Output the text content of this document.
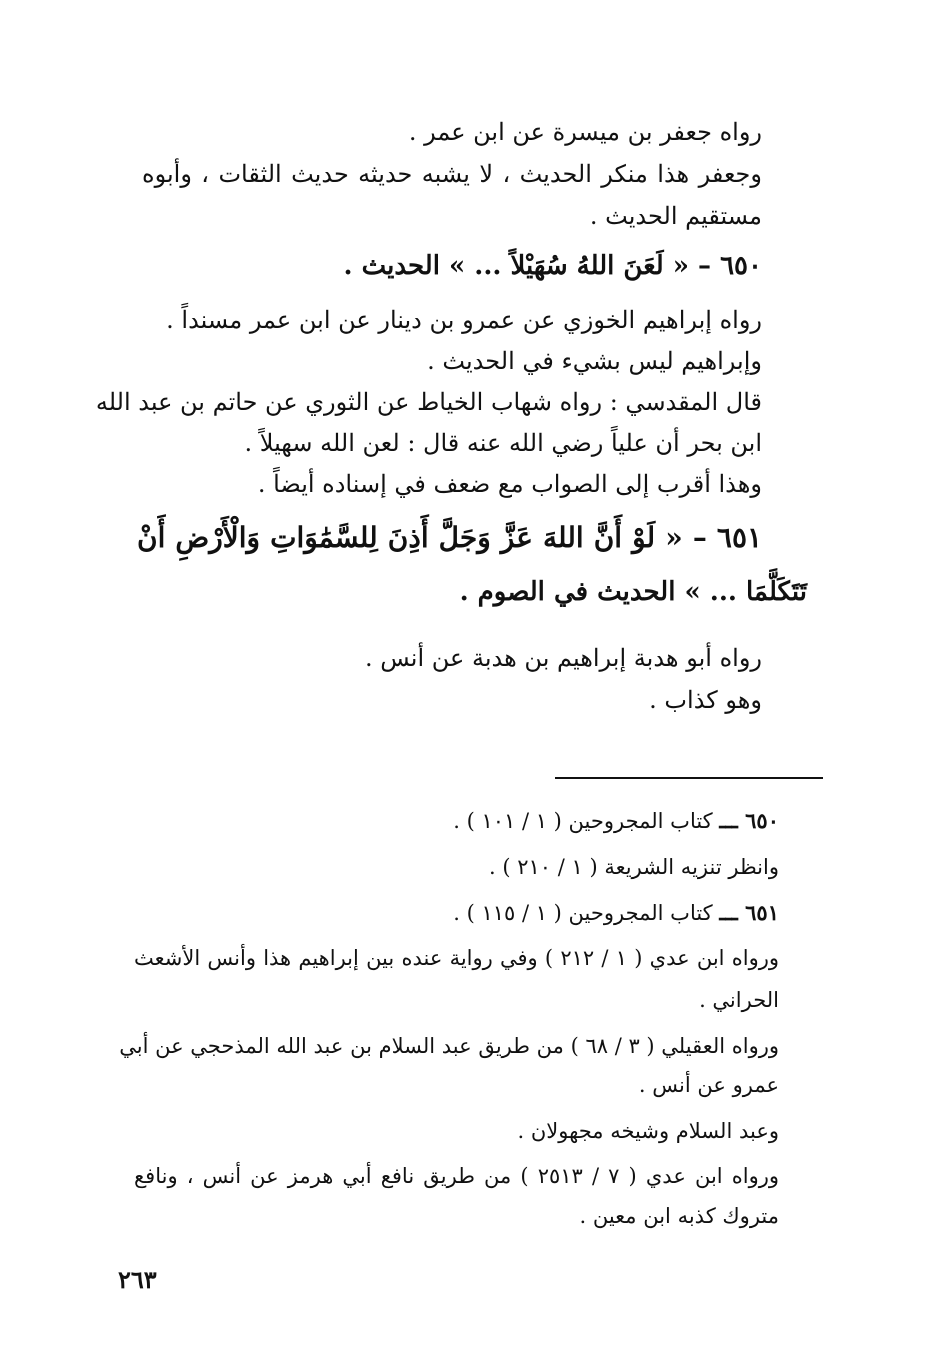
رواه جعفر بن ميسرة عن ابن عمر .
وجعفر هذا منكر الحديث ، لا يشبه حديثه حديث الثقات ، وأبوه
مستقيم الحديث .
٦٥٠ – « لَعَنَ اللهُ سُهَيْلاً ... » الحديث .
رواه إبراهيم الخوزي عن عمرو بن دينار عن ابن عمر مسنداً .
وإبراهيم ليس بشيء في الحديث .
قال المقدسي : رواه شهاب الخياط عن الثوري عن حاتم بن عبد الله
ابن بحر أن علياً رضي الله عنه قال : لعن الله سهيلاً .
وهذا أقرب إلى الصواب مع ضعف في إسناده أيضاً .
٦٥١ – « لَوْ أَنَّ اللهَ عَزَّ وَجَلَّ أَذِنَ لِلسَّمَٰوَاتِ وَالْأَرْضِ أَنْ
تَتَكَلَّمَا ... » الحديث في الصوم .
رواه أبو هدبة إبراهيم بن هدبة عن أنس .
وهو كذاب .
٦٥٠ ـــ كتاب المجروحين ( ١ / ١٠١ ) .
وانظر تنزيه الشريعة ( ١ / ٢١٠ ) .
٦٥١ ـــ كتاب المجروحين ( ١ / ١١٥ ) .
ورواه ابن عدي ( ١ / ٢١٢ ) وفي رواية عنده بين إبراهيم هذا وأنس الأشعث
الحراني .
ورواه العقيلي ( ٣ / ٦٨ ) من طريق عبد السلام بن عبد الله المذحجي عن أبي
عمرو عن أنس .
وعبد السلام وشيخه مجهولان .
ورواه ابن عدي ( ٧ / ٢٥١٣ ) من طريق نافع أبي هرمز عن أنس ، ونافع
متروك كذبه ابن معين .
٢٦٣
